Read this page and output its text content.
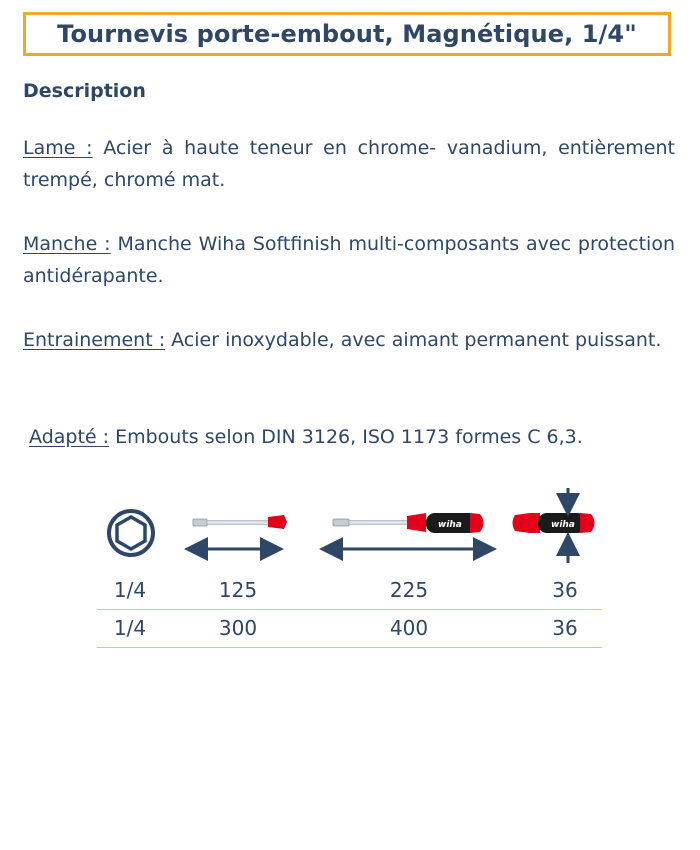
Tournevis porte-embout, Magnétique, 1/4"
Description

Lame : Acier à haute teneur en chrome- vanadium, entièrement trempé, chromé mat.

Manche : Manche Wiha Softfinish multi-composants avec protection antidérapante.

Entrainement : Acier inoxydable, avec aimant permanent puissant.

Adapté : Embouts selon DIN 3126, ISO 1173 formes C 6,3.

wiha	wiha
1/4	125	225	36
1/4	300	400	36
